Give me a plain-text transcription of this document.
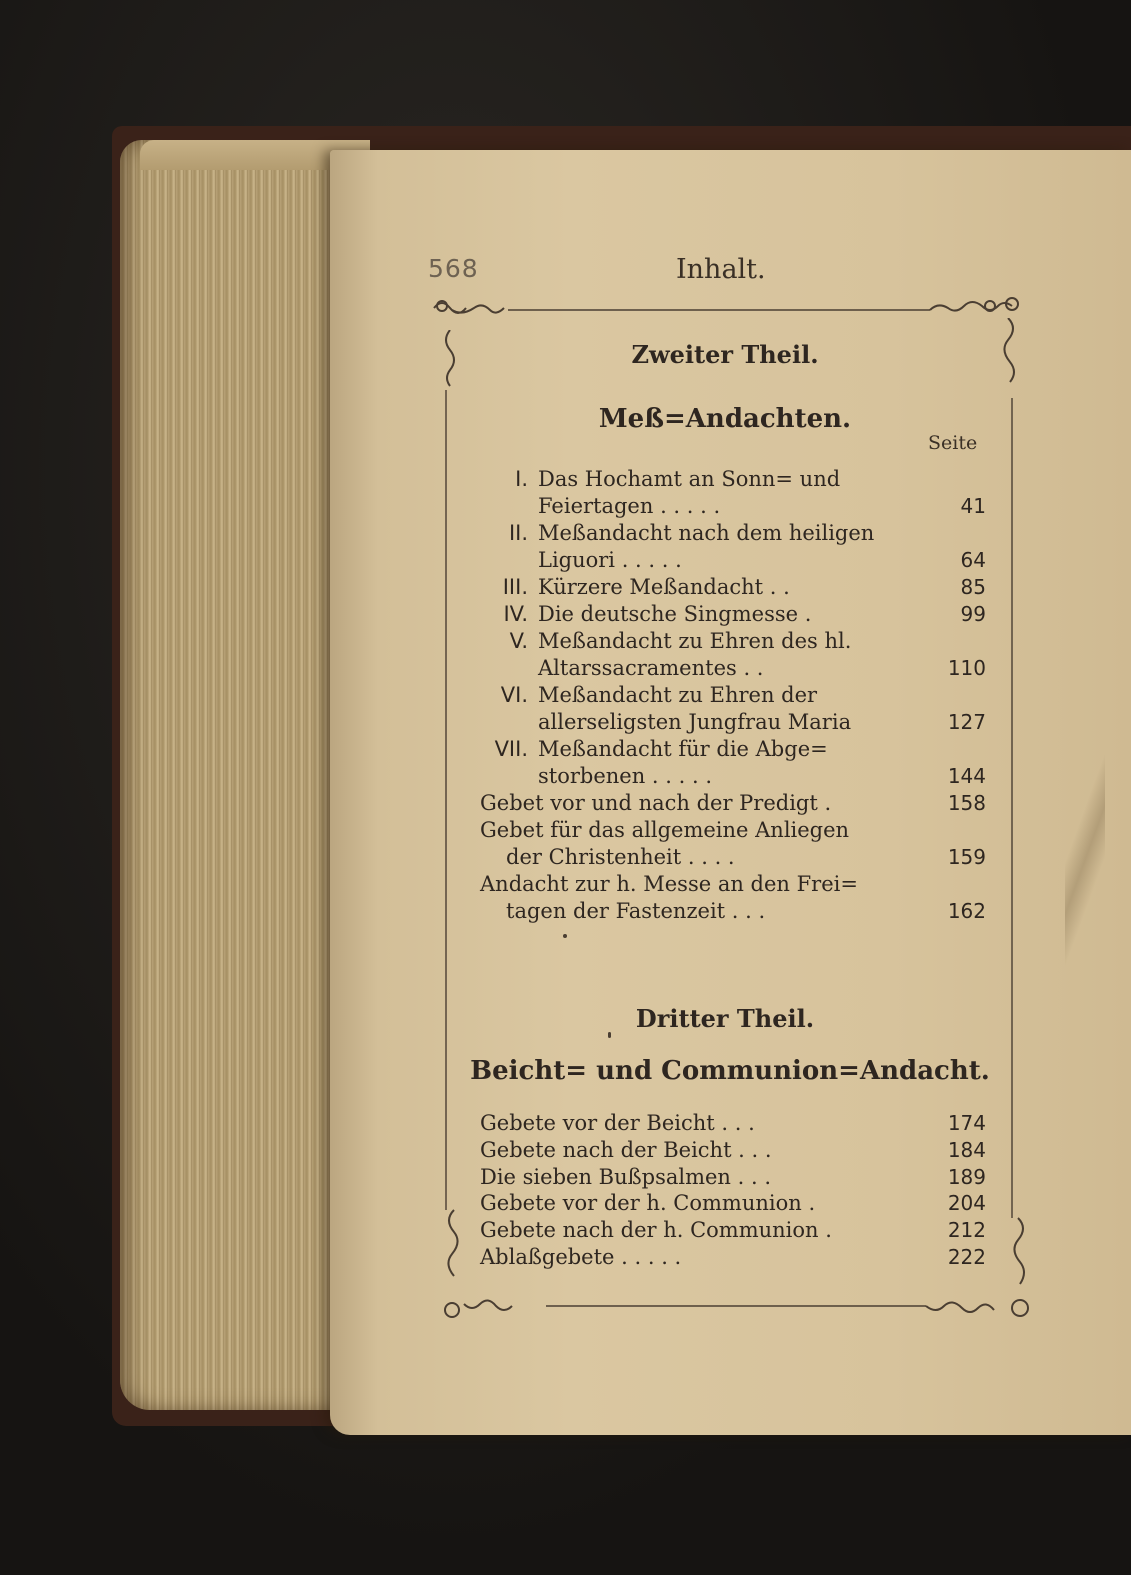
568	Inhalt.
Zweiter Theil.
Meß=Andachten.
Seite
I. Das Hochamt an Sonn= und
Feiertagen . . . . .	41
II. Meßandacht nach dem heiligen
Liguori . . . . .	64
III. Kürzere Meßandacht . .	85
IV. Die deutsche Singmesse .	99
V. Meßandacht zu Ehren des hl.
Altarssacramentes . .	110
VI. Meßandacht zu Ehren der
allerseligsten Jungfrau Maria	127
VII. Meßandacht für die Abge=
storbenen . . . . .	144
Gebet vor und nach der Predigt .	158
Gebet für das allgemeine Anliegen
der Christenheit . . . .	159
Andacht zur h. Messe an den Frei=
tagen der Fastenzeit . . .	162
Dritter Theil.
Beicht= und Communion=Andacht.
Gebete vor der Beicht . . .	174
Gebete nach der Beicht . . .	184
Die sieben Bußpsalmen . . .	189
Gebete vor der h. Communion .	204
Gebete nach der h. Communion .	212
Ablaßgebete . . . . .	222
